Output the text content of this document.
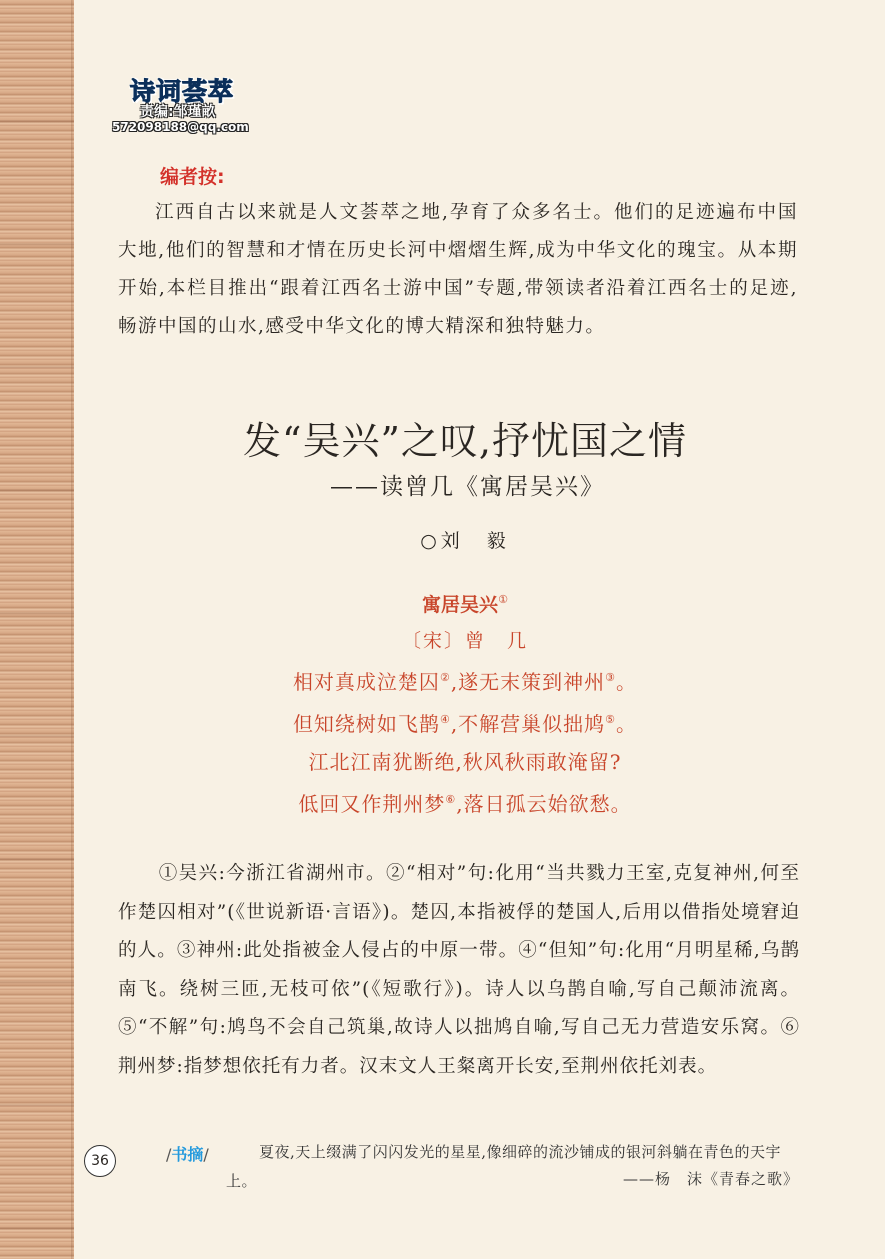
诗词荟萃
责编:邹瑾畝
572098188@qq.com
编者按:

江西自古以来就是人文荟萃之地,孕育了众多名士。他们的足迹遍布中国大地,他们的智慧和才情在历史长河中熠熠生辉,成为中华文化的瑰宝。从本期开始,本栏目推出“跟着江西名士游中国”专题,带领读者沿着江西名士的足迹,畅游中国的山水,感受中华文化的博大精深和独特魅力。

发“吴兴”之叹,抒忧国之情
——读曾几《寓居吴兴》
○刘　毅
寓居吴兴①
〔宋〕曾　几
相对真成泣楚囚②,遂无末策到神州③。
但知绕树如飞鹊④,不解营巢似拙鸠⑤。
江北江南犹断绝,秋风秋雨敢淹留?
低回又作荆州梦⑥,落日孤云始欲愁。

①吴兴:今浙江省湖州市。②“相对”句:化用“当共戮力王室,克复神州,何至作楚囚相对”(《世说新语·言语》)。楚囚,本指被俘的楚国人,后用以借指处境窘迫的人。③神州:此处指被金人侵占的中原一带。④“但知”句:化用“月明星稀,乌鹊南飞。绕树三匝,无枝可依”(《短歌行》)。诗人以乌鹊自喻,写自己颠沛流离。⑤“不解”句:鸠鸟不会自己筑巢,故诗人以拙鸠自喻,写自己无力营造安乐窝。⑥荆州梦:指梦想依托有力者。汉末文人王粲离开长安,至荆州依托刘表。

36	/书摘/	夏夜,天上缀满了闪闪发光的星星,像细碎的流沙铺成的银河斜躺在青色的天宇上。	——杨　沫《青春之歌》
